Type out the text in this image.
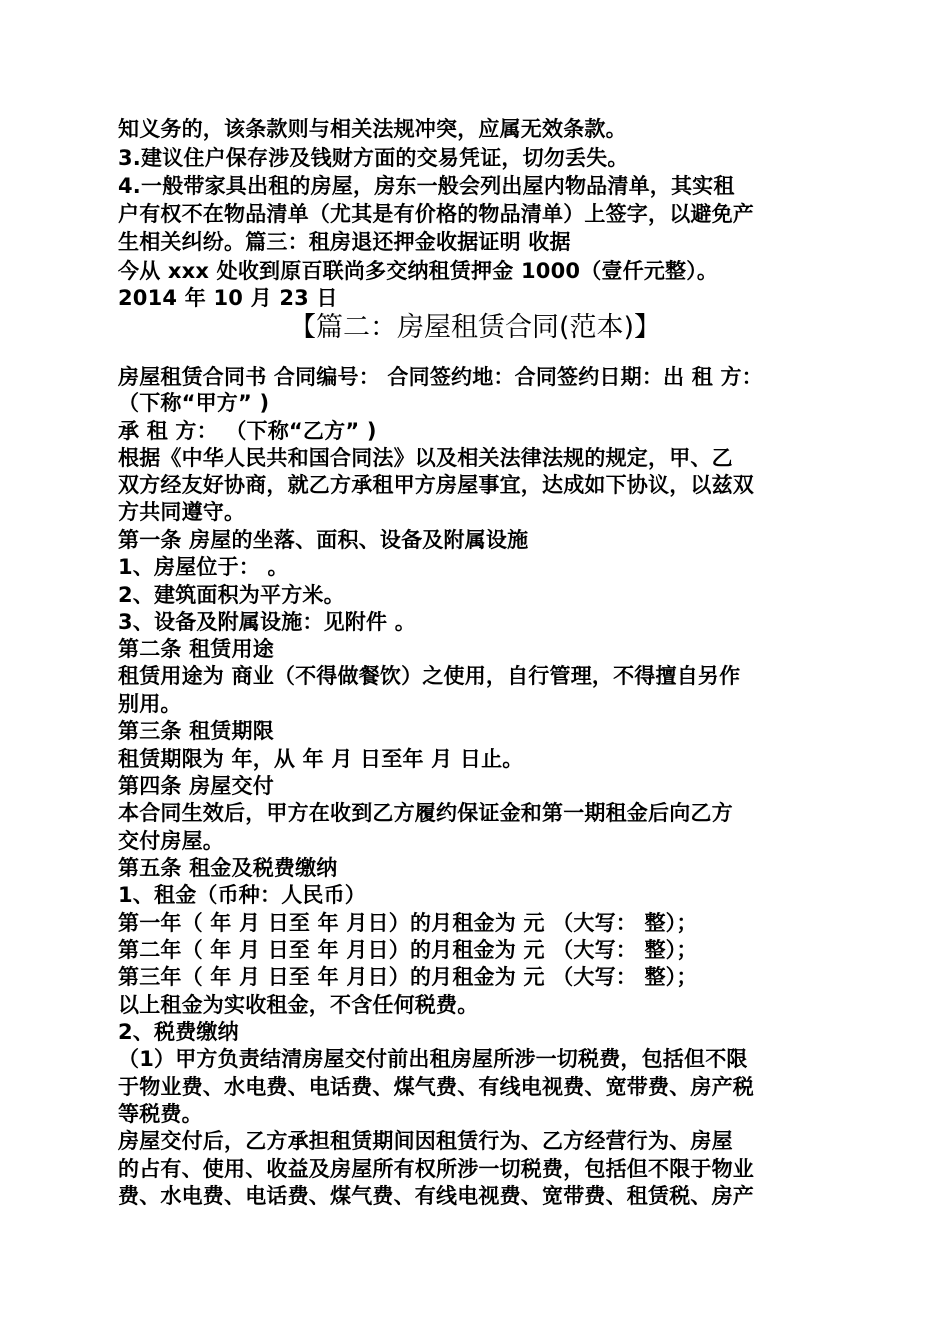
知义务的，该条款则与相关法规冲突，应属无效条款。
3.建议住户保存涉及钱财方面的交易凭证，切勿丢失。
4.一般带家具出租的房屋，房东一般会列出屋内物品清单，其实租
户有权不在物品清单（尤其是有价格的物品清单）上签字，以避免产
生相关纠纷。篇三：租房退还押金收据证明 收据
今从 xxx 处收到原百联尚多交纳租赁押金 1000（壹仟元整）。
2014 年 10 月 23 日
【篇二：房屋租赁合同(范本)】
房屋租赁合同书 合同编号： 合同签约地：合同签约日期：出 租 方：
（下称“甲方” )
承 租 方： （下称“乙方” )
根据《中华人民共和国合同法》以及相关法律法规的规定，甲、乙
双方经友好协商，就乙方承租甲方房屋事宜，达成如下协议，以兹双
方共同遵守。
第一条 房屋的坐落、面积、设备及附属设施
1、房屋位于： 。
2、建筑面积为平方米。
3、设备及附属设施：见附件 。
第二条 租赁用途
租赁用途为 商业（不得做餐饮）之使用，自行管理，不得擅自另作
别用。
第三条 租赁期限
租赁期限为 年，从 年 月 日至年 月 日止。
第四条 房屋交付
本合同生效后，甲方在收到乙方履约保证金和第一期租金后向乙方
交付房屋。
第五条 租金及税费缴纳
1、租金（币种：人民币）
第一年（ 年 月 日至 年 月日）的月租金为 元 （大写： 整）；
第二年（ 年 月 日至 年 月日）的月租金为 元 （大写： 整）；
第三年（ 年 月 日至 年 月日）的月租金为 元 （大写： 整）；
以上租金为实收租金，不含任何税费。
2、税费缴纳
（1）甲方负责结清房屋交付前出租房屋所涉一切税费，包括但不限
于物业费、水电费、电话费、煤气费、有线电视费、宽带费、房产税
等税费。
房屋交付后，乙方承担租赁期间因租赁行为、乙方经营行为、房屋
的占有、使用、收益及房屋所有权所涉一切税费，包括但不限于物业
费、水电费、电话费、煤气费、有线电视费、宽带费、租赁税、房产
